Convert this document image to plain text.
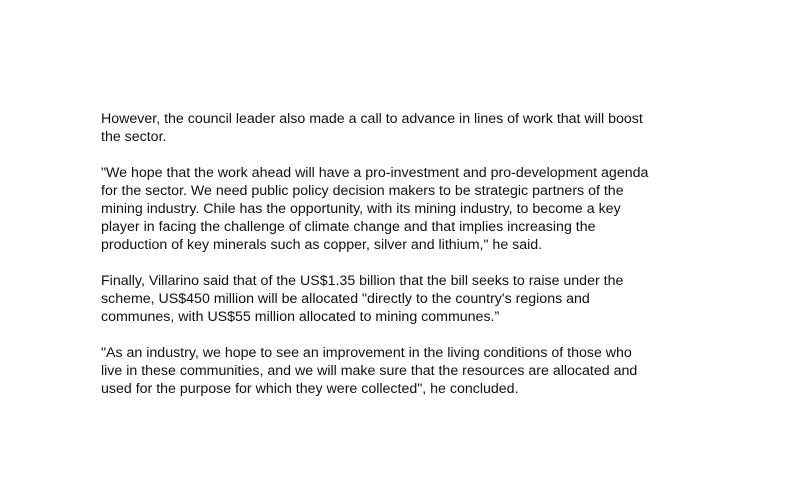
However, the council leader also made a call to advance in lines of work that will boost
the sector.

"We hope that the work ahead will have a pro-investment and pro-development agenda
for the sector. We need public policy decision makers to be strategic partners of the
mining industry. Chile has the opportunity, with its mining industry, to become a key
player in facing the challenge of climate change and that implies increasing the
production of key minerals such as copper, silver and lithium," he said.

Finally, Villarino said that of the US$1.35 billion that the bill seeks to raise under the
scheme, US$450 million will be allocated "directly to the country's regions and
communes, with US$55 million allocated to mining communes.”

"As an industry, we hope to see an improvement in the living conditions of those who
live in these communities, and we will make sure that the resources are allocated and
used for the purpose for which they were collected", he concluded.
